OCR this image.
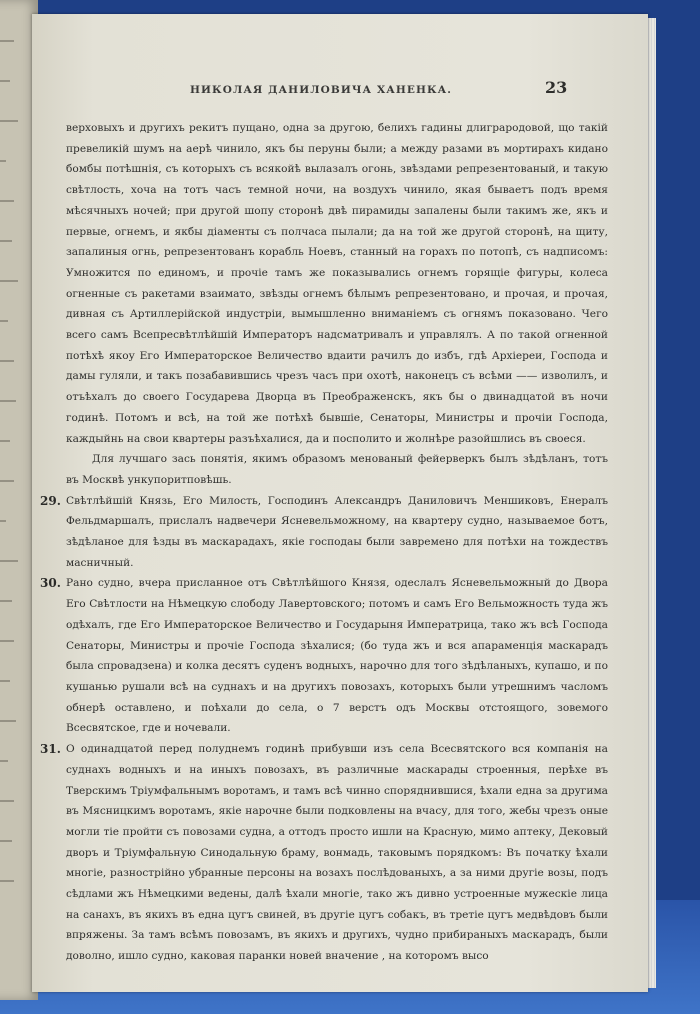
НИКОЛАЯ ДАНИЛОВИЧА ХАНЕНКА.	23

верховыхъ и другихъ рекитъ пущано, одна за другою, белихъ гадины длиграродовой, що такій превеликій шумъ на аерѣ чинило, якъ бы перуны были; а между разами въ мортирахъ кидано бомбы потѣшнія, съ которыхъ съ всякойѣ вылазалъ огонь, звѣздами репрезентованый, и такую свѣтлость, хоча на тотъ часъ темной ночи, на воздухъ чинило, якая бываетъ подъ время мѣсячныхъ ночей; при другой шопу сторонѣ двѣ пирамиды запалены были такимъ же, якъ и первые, огнемъ, и якбы діаменты съ полчаса пылали; да на той же другой сторонѣ, на щиту, запалиныя огнь, репрезентованъ корабль Ноевъ, станный на горахъ по потопѣ, съ надписомъ: Умножится по единомъ, и прочіе тамъ же показывались огнемъ горящіе фигуры, колеса огненные съ ракетами взаимато, звѣзды огнемъ бѣлымъ репрезентовано, и прочая, и прочая, дивная съ Артиллерійской индустріи, вымышленно вниманіемъ съ огнямъ показовано. Чего всего самъ Всепресвѣтлѣйшій Императоръ надсматривалъ и управлялъ. А по такой огненной потѣхѣ якоу Его Императорское Величество вдаити рачилъ до избъ, гдѣ Архіереи, Господа и дамы гуляли, и такъ позабавившись чрезъ часъ при охотѣ, наконецъ съ всѣми —— изволилъ, и отъѣхалъ до своего Государева Дворца въ Преображенскъ, якъ бы о двинадцатой въ ночи годинѣ. Потомъ и всѣ, на той же потѣхѣ бывшіе, Сенаторы, Министры и прочіи Господа, каждыйнь на свои квартеры разъѣхалися, да и посполито и жолнѣре разойшлись въ своеся.

Для лучшаго зась понятія, якимъ образомъ менованый фейерверкъ былъ зѣдѣланъ, тотъ въ Москвѣ ункупоритповѣшь.

29. Свѣтлѣйшій Князь, Его Милость, Господинъ Александръ Даниловичъ Меншиковъ, Енералъ Фельдмаршалъ, прислалъ надвечери Ясневельможному, на квартеру судно, называемое ботъ, зѣдѣланое для ѣзды въ маскарадахъ, якіе господаы были завремено для потѣхи на тождествъ масничный.

30. Рано судно, вчера присланное отъ Свѣтлѣйшого Князя, одеслалъ Ясневельможный до Двора Его Свѣтлости на Нѣмецкую слободу Лавертовского; потомъ и самъ Его Вельможность туда жъ одѣхалъ, где Его Императорское Величество и Государыня Императрица, тако жъ всѣ Господа Сенаторы, Министры и прочіе Господа зѣхалися; (бо туда жъ и вся апараменція маскарадъ была спровадзена) и колка десятъ суденъ водныхъ, нарочно для того зѣдѣланыхъ, купашо, и по кушанью рушали всѣ на суднахъ и на другихъ повозахъ, которыхъ были утрешнимъ часломъ обнерѣ оставлено, и поѣхали до села, о 7 верстъ одъ Москвы отстоящого, зовемого Всесвятское, где и ночевали.

31. О одинадцатой перед полуднемъ годинѣ прибувши изъ села Всесвятского вся компанія на суднахъ водныхъ и на иныхъ повозахъ, въ различные маскарады строенныя, перѣхе въ Тверскимъ Тріумфальнымъ воротамъ, и тамъ всѣ чинно споряднившися, ѣхали една за другима въ Мясницкимъ воротамъ, якіе нарочне были подковлены на вчасу, для того, жебы чрезъ оные могли тіе пройти съ повозами судна, а оттодъ просто ишли на Красную, мимо аптеку, Дековый дворъ и Тріумфальную Синодальную браму, вонмадь, таковымъ порядкомъ: Въ початку ѣхали многіе, разнострійно убранные персоны на возахъ послѣдованыхъ, а за ними другіе возы, подъ сѣдлами жъ Нѣмецкими ведены, далѣ ѣхали многіе, тако жъ дивно устроенные мужескіе лица на санахъ, въ якихъ въ една цугъ свиней, въ другіе цугъ собакъ, въ третіе цугъ медвѣдовъ были впряжены. За тамъ всѣмъ повозамъ, въ якихъ и другихъ, чудно прибираныхъ маскарадъ, были доволно, ишло судно, каковая паранки новей вначение , на которомъ высо
